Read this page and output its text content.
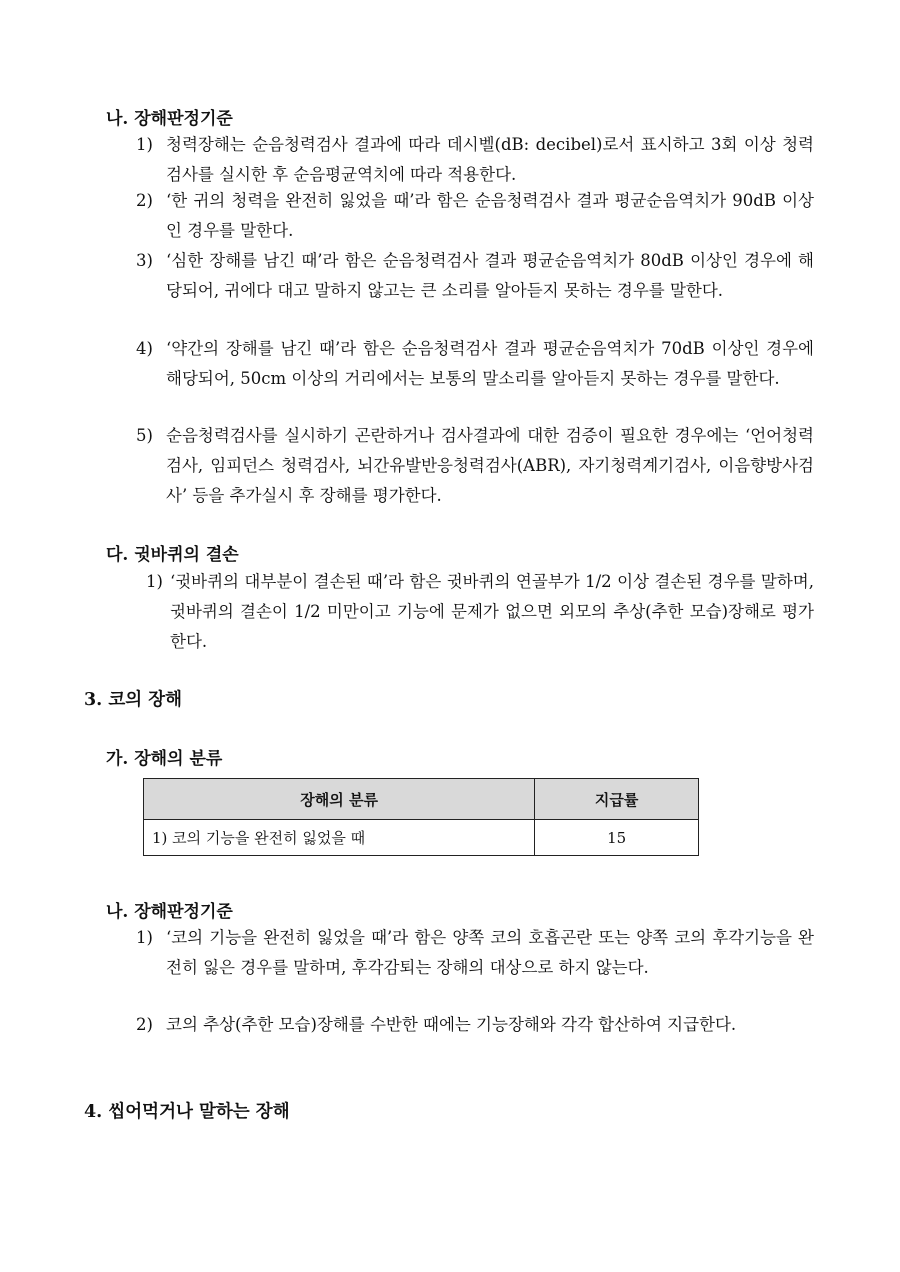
나. 장해판정기준
1) 청력장해는 순음청력검사 결과에 따라 데시벨(dB: decibel)로서 표시하고 3회 이상 청력검사를 실시한 후 순음평균역치에 따라 적용한다.
2) ‘한 귀의 청력을 완전히 잃었을 때’라 함은 순음청력검사 결과 평균순음역치가 90dB 이상인 경우를 말한다.
3) ‘심한 장해를 남긴 때’라 함은 순음청력검사 결과 평균순음역치가 80dB 이상인 경우에 해당되어, 귀에다 대고 말하지 않고는 큰 소리를 알아듣지 못하는 경우를 말한다.
4) ‘약간의 장해를 남긴 때’라 함은 순음청력검사 결과 평균순음역치가 70dB 이상인 경우에 해당되어, 50cm 이상의 거리에서는 보통의 말소리를 알아듣지 못하는 경우를 말한다.
5) 순음청력검사를 실시하기 곤란하거나 검사결과에 대한 검증이 필요한 경우에는 ‘언어청력검사, 임피던스 청력검사, 뇌간유발반응청력검사(ABR), 자기청력계기검사, 이음향방사검사’ 등을 추가실시 후 장해를 평가한다.
다. 귓바퀴의 결손
1) ‘귓바퀴의 대부분이 결손된 때’라 함은 귓바퀴의 연골부가 1/2 이상 결손된 경우를 말하며, 귓바퀴의 결손이 1/2 미만이고 기능에 문제가 없으면 외모의 추상(추한 모습)장해로 평가한다.
3. 코의 장해
가. 장해의 분류
장해의 분류	지급률
1) 코의 기능을 완전히 잃었을 때	15
나. 장해판정기준
1) ‘코의 기능을 완전히 잃었을 때’라 함은 양쪽 코의 호흡곤란 또는 양쪽 코의 후각기능을 완전히 잃은 경우를 말하며, 후각감퇴는 장해의 대상으로 하지 않는다.
2) 코의 추상(추한 모습)장해를 수반한 때에는 기능장해와 각각 합산하여 지급한다.
4. 씹어먹거나 말하는 장해
